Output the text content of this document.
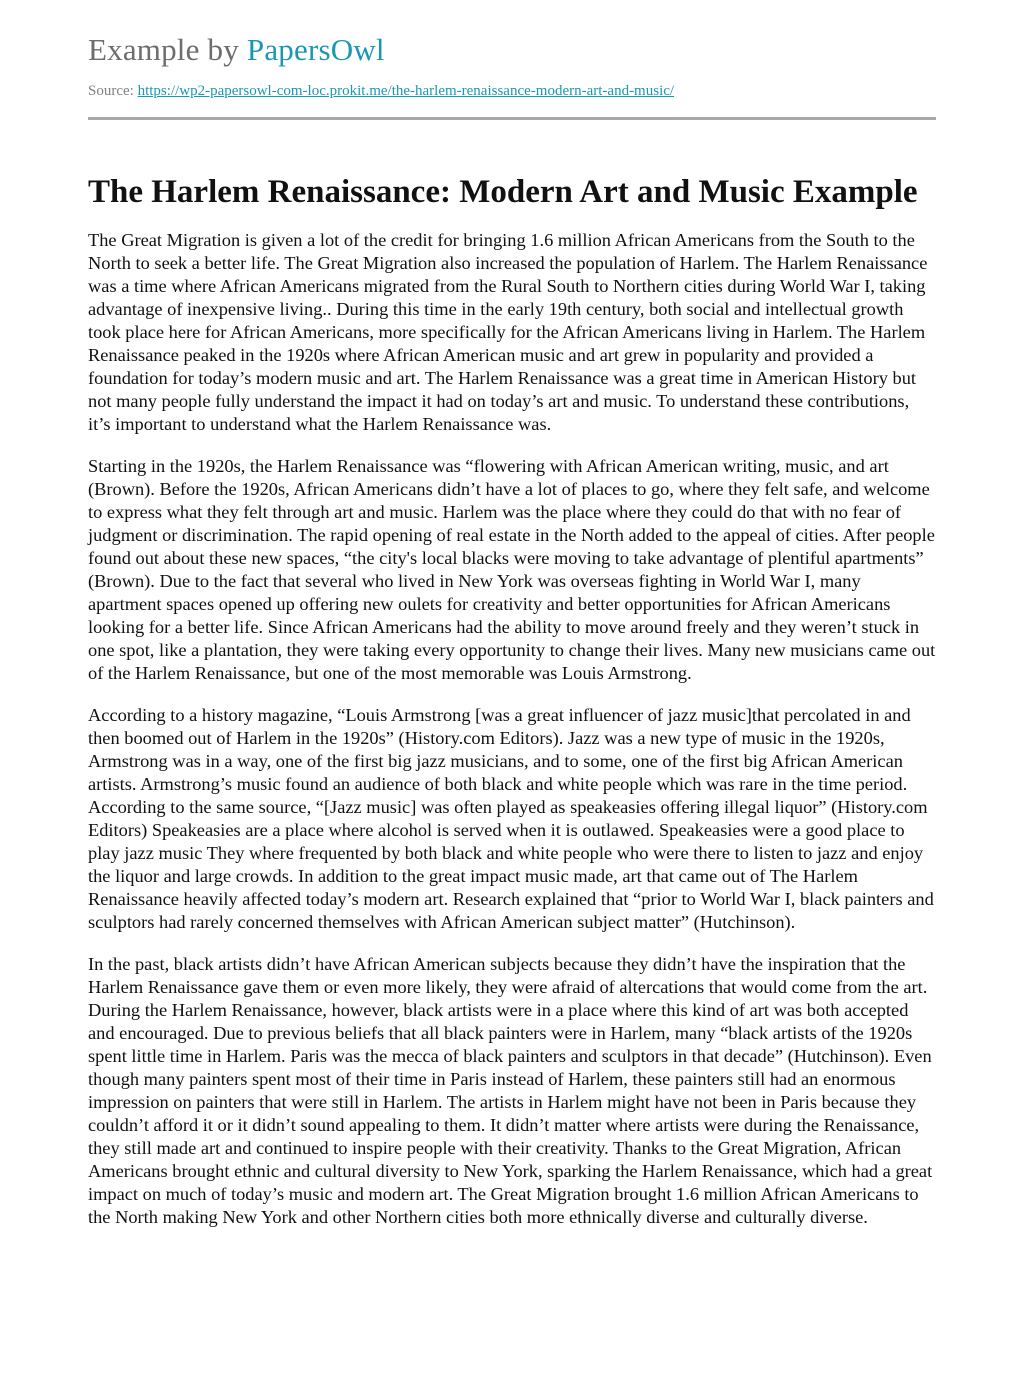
Example by PapersOwl
Source: https://wp2-papersowl-com-loc.prokit.me/the-harlem-renaissance-modern-art-and-music/
The Harlem Renaissance: Modern Art and Music Example

The Great Migration is given a lot of the credit for bringing 1.6 million African Americans from the South to the North to seek a better life. The Great Migration also increased the population of Harlem. The Harlem Renaissance was a time where African Americans migrated from the Rural South to Northern cities during World War I, taking advantage of inexpensive living.. During this time in the early 19th century, both social and intellectual growth took place here for African Americans, more specifically for the African Americans living in Harlem. The Harlem Renaissance peaked in the 1920s where African American music and art grew in popularity and provided a foundation for today’s modern music and art. The Harlem Renaissance was a great time in American History but not many people fully understand the impact it had on today’s art and music. To understand these contributions, it’s important to understand what the Harlem Renaissance was.

Starting in the 1920s, the Harlem Renaissance was “flowering with African American writing, music, and art (Brown). Before the 1920s, African Americans didn’t have a lot of places to go, where they felt safe, and welcome to express what they felt through art and music. Harlem was the place where they could do that with no fear of judgment or discrimination. The rapid opening of real estate in the North added to the appeal of cities. After people found out about these new spaces, “the city's local blacks were moving to take advantage of plentiful apartments” (Brown). Due to the fact that several who lived in New York was overseas fighting in World War I, many apartment spaces opened up offering new oulets for creativity and better opportunities for African Americans looking for a better life. Since African Americans had the ability to move around freely and they weren’t stuck in one spot, like a plantation, they were taking every opportunity to change their lives. Many new musicians came out of the Harlem Renaissance, but one of the most memorable was Louis Armstrong.

According to a history magazine, “Louis Armstrong [was a great influencer of jazz music]that percolated in and then boomed out of Harlem in the 1920s” (History.com Editors). Jazz was a new type of music in the 1920s, Armstrong was in a way, one of the first big jazz musicians, and to some, one of the first big African American artists. Armstrong’s music found an audience of both black and white people which was rare in the time period. According to the same source, “[Jazz music] was often played as speakeasies offering illegal liquor” (History.com Editors) Speakeasies are a place where alcohol is served when it is outlawed. Speakeasies were a good place to play jazz music They where frequented by both black and white people who were there to listen to jazz and enjoy the liquor and large crowds. In addition to the great impact music made, art that came out of The Harlem Renaissance heavily affected today’s modern art. Research explained that “prior to World War I, black painters and sculptors had rarely concerned themselves with African American subject matter” (Hutchinson).

In the past, black artists didn’t have African American subjects because they didn’t have the inspiration that the Harlem Renaissance gave them or even more likely, they were afraid of altercations that would come from the art. During the Harlem Renaissance, however, black artists were in a place where this kind of art was both accepted and encouraged. Due to previous beliefs that all black painters were in Harlem, many “black artists of the 1920s spent little time in Harlem. Paris was the mecca of black painters and sculptors in that decade” (Hutchinson). Even though many painters spent most of their time in Paris instead of Harlem, these painters still had an enormous impression on painters that were still in Harlem. The artists in Harlem might have not been in Paris because they couldn’t afford it or it didn’t sound appealing to them. It didn’t matter where artists were during the Renaissance, they still made art and continued to inspire people with their creativity. Thanks to the Great Migration, African Americans brought ethnic and cultural diversity to New York, sparking the Harlem Renaissance, which had a great impact on much of today’s music and modern art. The Great Migration brought 1.6 million African Americans to the North making New York and other Northern cities both more ethnically diverse and culturally diverse.
